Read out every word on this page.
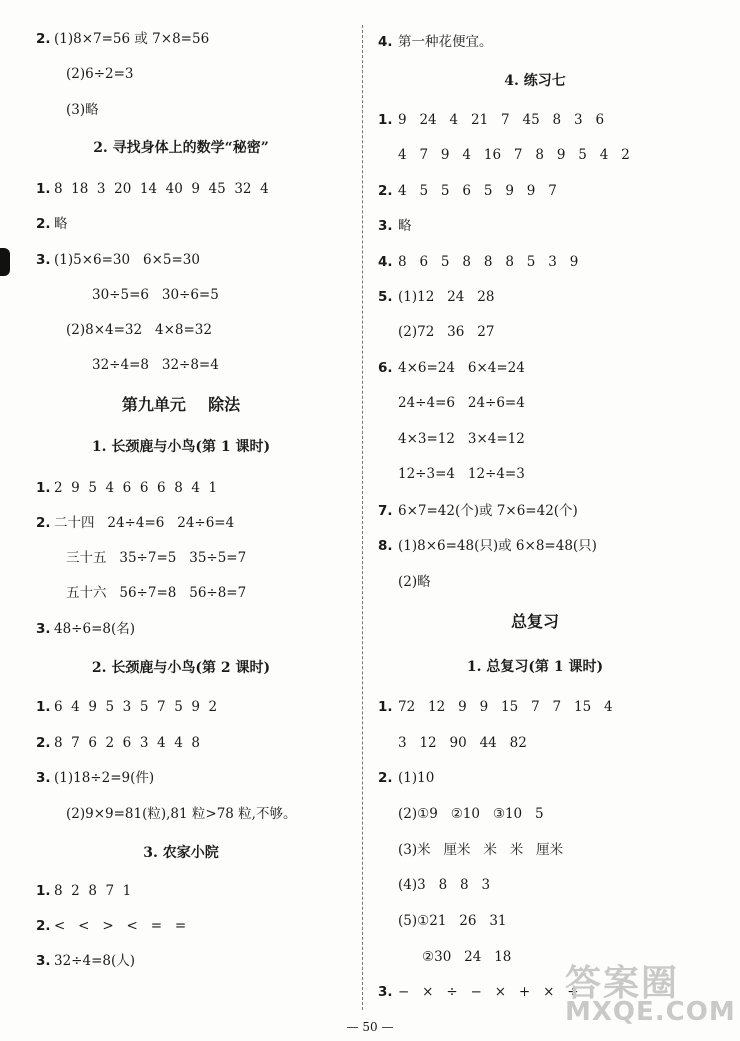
2. (1)8×7=56 或 7×8=56
(2)6÷2=3
(3)略
2. 寻找身体上的数学“秘密”
1. 8  18  3  20  14  40  9  45  32  4
2. 略
3. (1)5×6=30   6×5=30
30÷5=6   30÷6=5
(2)8×4=32   4×8=32
32÷4=8   32÷8=4
第九单元    除法
1. 长颈鹿与小鸟(第 1 课时)
1. 2  9  5  4  6  6  6  8  4  1
2. 二十四   24÷4=6   24÷6=4
三十五   35÷7=5   35÷5=7
五十六   56÷7=8   56÷8=7
3. 48÷6=8(名)
2. 长颈鹿与小鸟(第 2 课时)
1. 6  4  9  5  3  5  7  5  9  2
2. 8  7  6  2  6  3  4  4  8
3. (1)18÷2=9(件)
(2)9×9=81(粒),81 粒>78 粒,不够。
3. 农家小院
1. 8  2  8  7  1
2. <   <   >   <   =   =
3. 32÷4=8(人)
4. 第一种花便宜。
4. 练习七
1. 9   24   4   21   7   45   8   3   6
4   7   9   4   16   7   8   9   5   4   2
2. 4   5   5   6   5   9   9   7
3. 略
4. 8   6   5   8   8   8   5   3   9
5. (1)12   24   28
(2)72   36   27
6. 4×6=24   6×4=24
24÷4=6   24÷6=4
4×3=12   3×4=12
12÷3=4   12÷4=3
7. 6×7=42(个)或 7×6=42(个)
8. (1)8×6=48(只)或 6×8=48(只)
(2)略
总复习
1. 总复习(第 1 课时)
1. 72   12   9   9   15   7   7   15   4
3   12   90   44   82
2. (1)10
(2)①9   ②10   ③10   5
(3)米   厘米   米   米   厘米
(4)3   8   8   3
(5)①21   26   31
②30   24   18
3. −   ×   ÷   −   ×   +   ×   ÷
答案圈
MXQE.COM
— 50 —
